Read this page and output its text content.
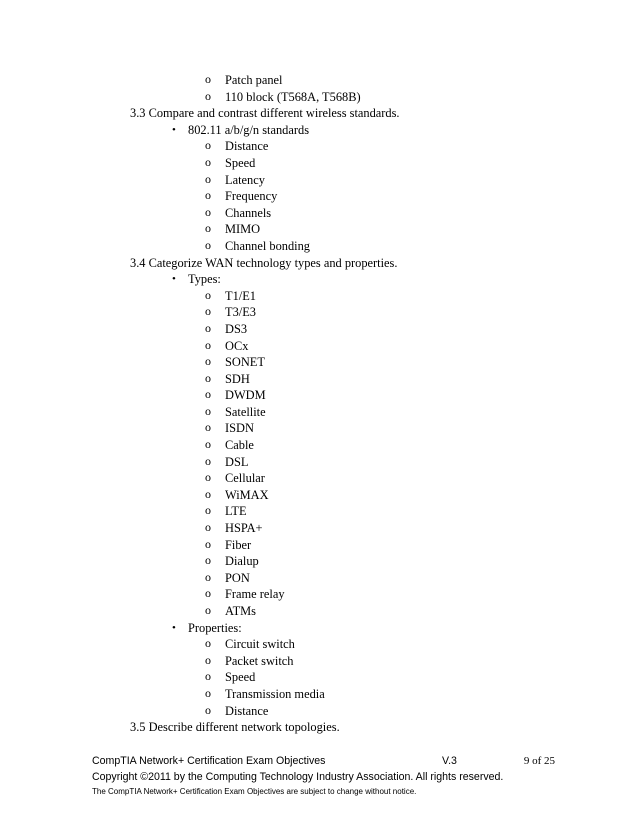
o Patch panel
o 110 block (T568A, T568B)
3.3 Compare and contrast different wireless standards.
• 802.11 a/b/g/n standards
o Distance
o Speed
o Latency
o Frequency
o Channels
o MIMO
o Channel bonding
3.4 Categorize WAN technology types and properties.
• Types:
o T1/E1
o T3/E3
o DS3
o OCx
o SONET
o SDH
o DWDM
o Satellite
o ISDN
o Cable
o DSL
o Cellular
o WiMAX
o LTE
o HSPA+
o Fiber
o Dialup
o PON
o Frame relay
o ATMs
• Properties:
o Circuit switch
o Packet switch
o Speed
o Transmission media
o Distance
3.5 Describe different network topologies.
CompTIA Network+ Certification Exam Objectives	V.3	9 of 25
Copyright ©2011 by the Computing Technology Industry Association. All rights reserved.
The CompTIA Network+ Certification Exam Objectives are subject to change without notice.
